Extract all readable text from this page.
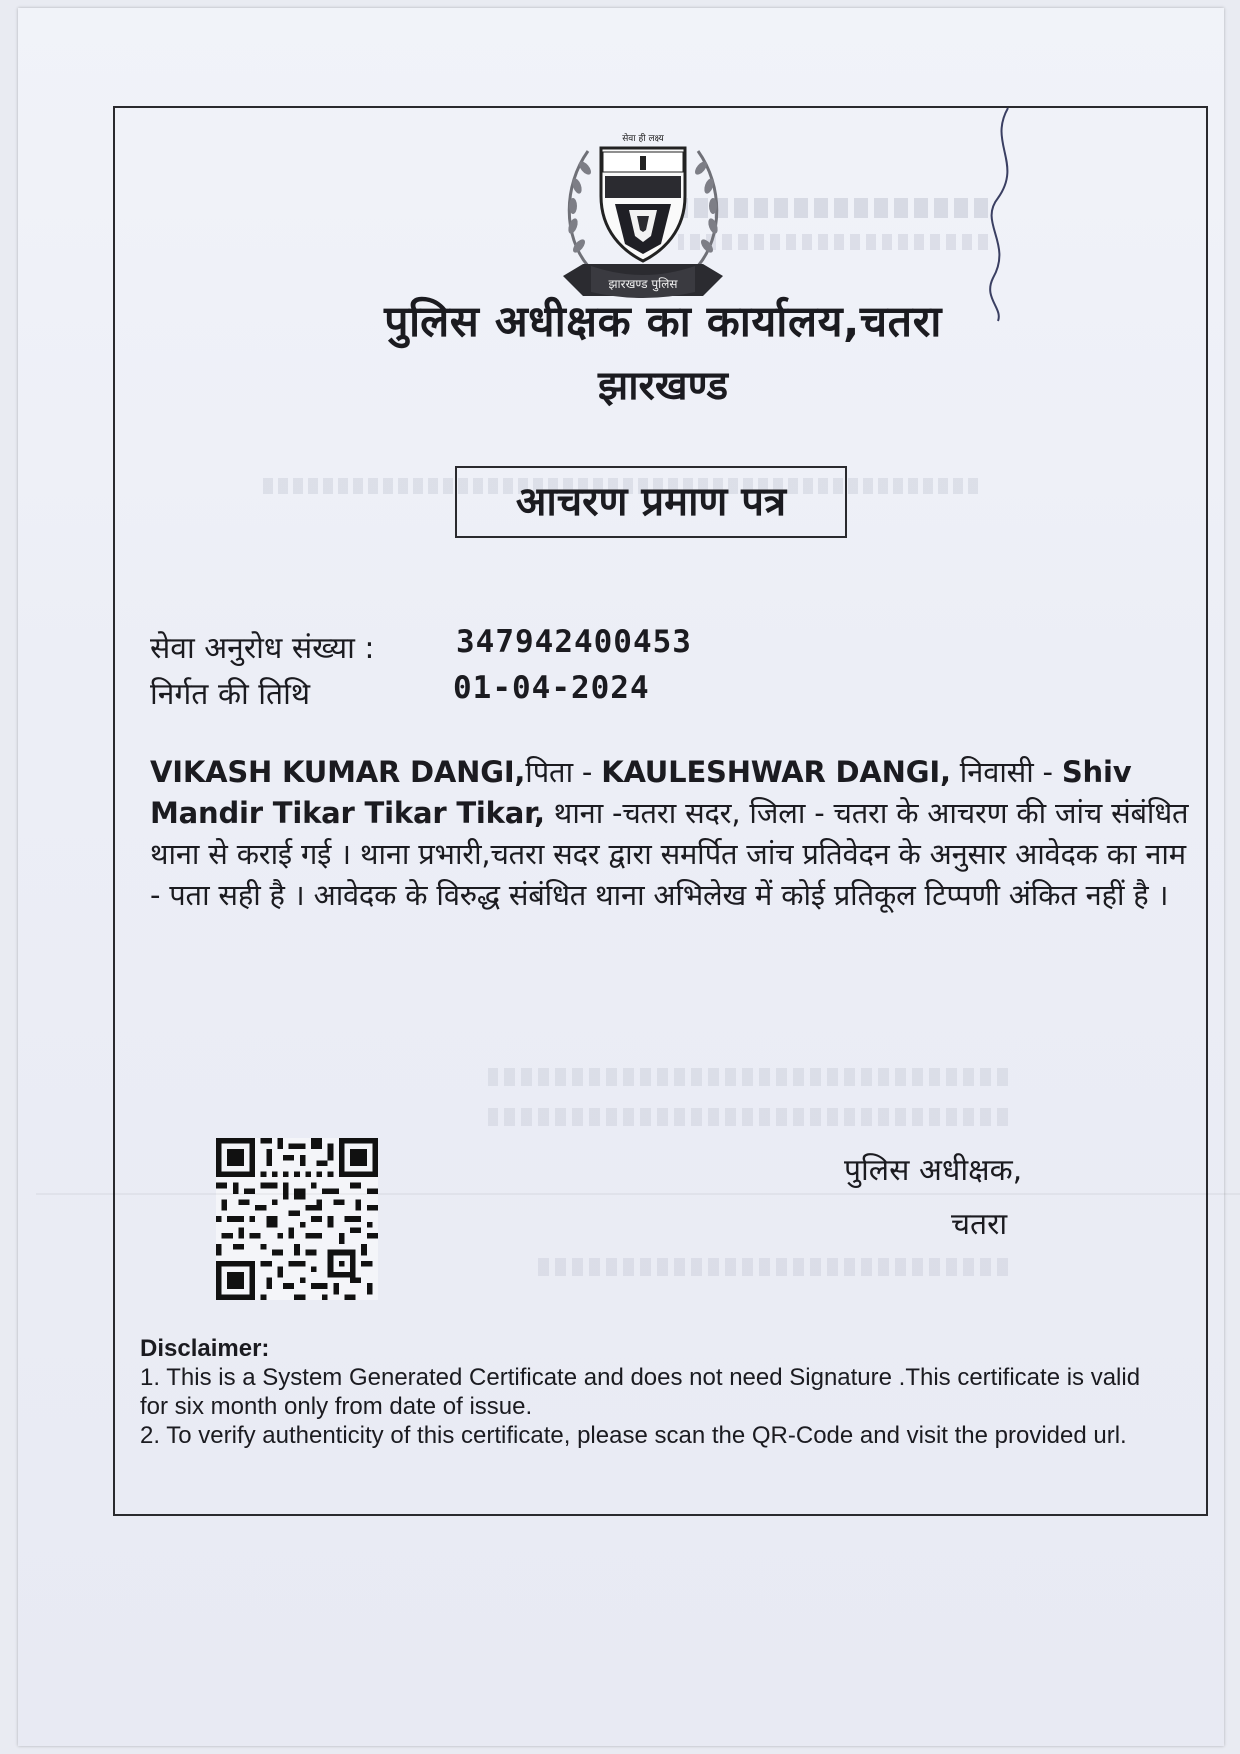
सेवा ही लक्ष्य
झारखण्ड पुलिस
पुलिस अधीक्षक का कार्यालय,चतरा
झारखण्ड
आचरण प्रमाण पत्र
सेवा अनुरोध संख्या :	347942400453
निर्गत की तिथि	01-04-2024
VIKASH KUMAR DANGI,पिता - KAULESHWAR DANGI, निवासी - Shiv Mandir Tikar Tikar Tikar, थाना -चतरा सदर, जिला - चतरा के आचरण की जांच संबंधित थाना से कराई गई । थाना प्रभारी,चतरा सदर द्वारा समर्पित जांच प्रतिवेदन के अनुसार आवेदक का नाम - पता सही है । आवेदक के विरुद्ध संबंधित थाना अभिलेख में कोई प्रतिकूल टिप्पणी अंकित नहीं है ।
पुलिस अधीक्षक,
चतरा
Disclaimer:

1. This is a System Generated Certificate and does not need Signature .This certificate is valid for six month only from date of issue.

2. To verify authenticity of this certificate, please scan the QR-Code and visit the provided url.
